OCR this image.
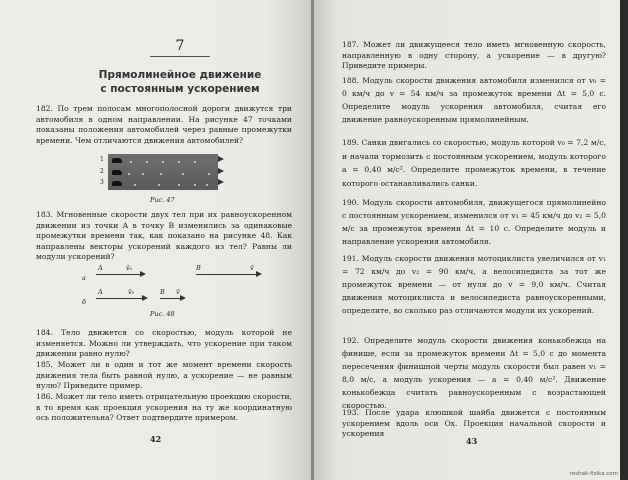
7
Прямолинейное движение
с постоянным ускорением
182. По трем полосам многополосной дороги движутся три автомобиля в одном направлении. На рисунке 47 точками показаны положения автомобилей через равные промежутки времени. Чем отличаются движения автомобилей?
1
2
3
Рис. 47
183. Мгновенные скорости двух тел при их равноускоренном движении из точки A в точку B изменились за одинаковые промежутки времени так, как показано на рисунке 48. Как направлены векторы ускорений каждого из тел? Равны ли модули ускорений?
а
A	v̄₀	B	v̄
б
A	v̄₀	B v̄
Рис. 48
184. Тело движется со скоростью, модуль которой не изменяется. Можно ли утверждать, что ускорение при таком движении равно нулю?
185. Может ли в один и тот же момент времени скорость движения тела быть равной нулю, а ускорение — не равным нулю? Приведите пример.
186. Может ли тело иметь отрицательную проекцию скорости, в то время как проекция ускорения на ту же координатную ось положительна? Ответ подтвердите примером.
42
187. Может ли движущееся тело иметь мгновенную скорость, направленную в одну сторону, а ускорение — в другую? Приведите примеры.
188. Модуль скорости движения автомобиля изменился от v₀ = 0 км/ч до v = 54 км/ч за промежуток времени Δt = 5,0 с. Определите модуль ускорения автомобиля, считая его движение равноускоренным прямолинейным.
189. Санки двигались со скоростью, модуль которой v₀ = 7,2 м/с, и начали тормозить с постоянным ускорением, модуль которого a = 0,40 м/с². Определите промежуток времени, в течение которого останавливались санки.
190. Модуль скорости автомобиля, движущегося прямолинейно с постоянным ускорением, изменился от v₁ = 45 км/ч до v₂ = 5,0 м/с за промежуток времени Δt = 10 с. Определите модуль и направление ускорения автомобиля.
191. Модуль скорости движения мотоциклиста увеличился от v₁ = 72 км/ч до v₂ = 90 км/ч, а велосипедиста за тот же промежуток времени — от нуля до v = 9,0 км/ч. Считая движения мотоциклиста и велосипедиста равноускоренными, определите, во сколько раз отличаются модули их ускорений.
192. Определите модуль скорости движения конькобежца на финише, если за промежуток времени Δt = 5,0 с до момента пересечения финишной черты модуль скорости был равен v₁ = 8,0 м/с, а модуль ускорения — a = 0,40 м/с². Движение конькобежца считать равноускоренным с возрастающей скоростью.
193. После удара клюшкой шайба движется с постоянным ускорением вдоль оси Ox. Проекция начальной скорости и ускорения
43
reshak-fizika.com
